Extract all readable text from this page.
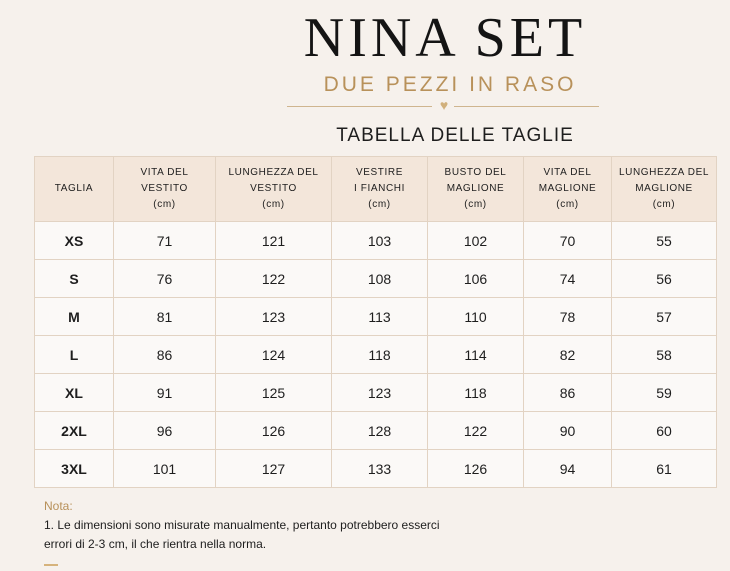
NINA SET
DUE PEZZI IN RASO
♥
TABELLA DELLE TAGLIE
TAGLIA	VITA DEL
VESTITO
(cm)	LUNGHEZZA DEL
VESTITO
(cm)	VESTIRE
I FIANCHI
(cm)	BUSTO DEL
MAGLIONE
(cm)	VITA DEL
MAGLIONE
(cm)	LUNGHEZZA DEL
MAGLIONE
(cm)

XS	71	121	103	102	70	55
S	76	122	108	106	74	56
M	81	123	113	110	78	57
L	86	124	118	114	82	58
XL	91	125	123	118	86	59
2XL	96	126	128	122	90	60
3XL	101	127	133	126	94	61
Nota:
1. Le dimensioni sono misurate manualmente, pertanto potrebbero esserci
errori di 2-3 cm, il che rientra nella norma.
